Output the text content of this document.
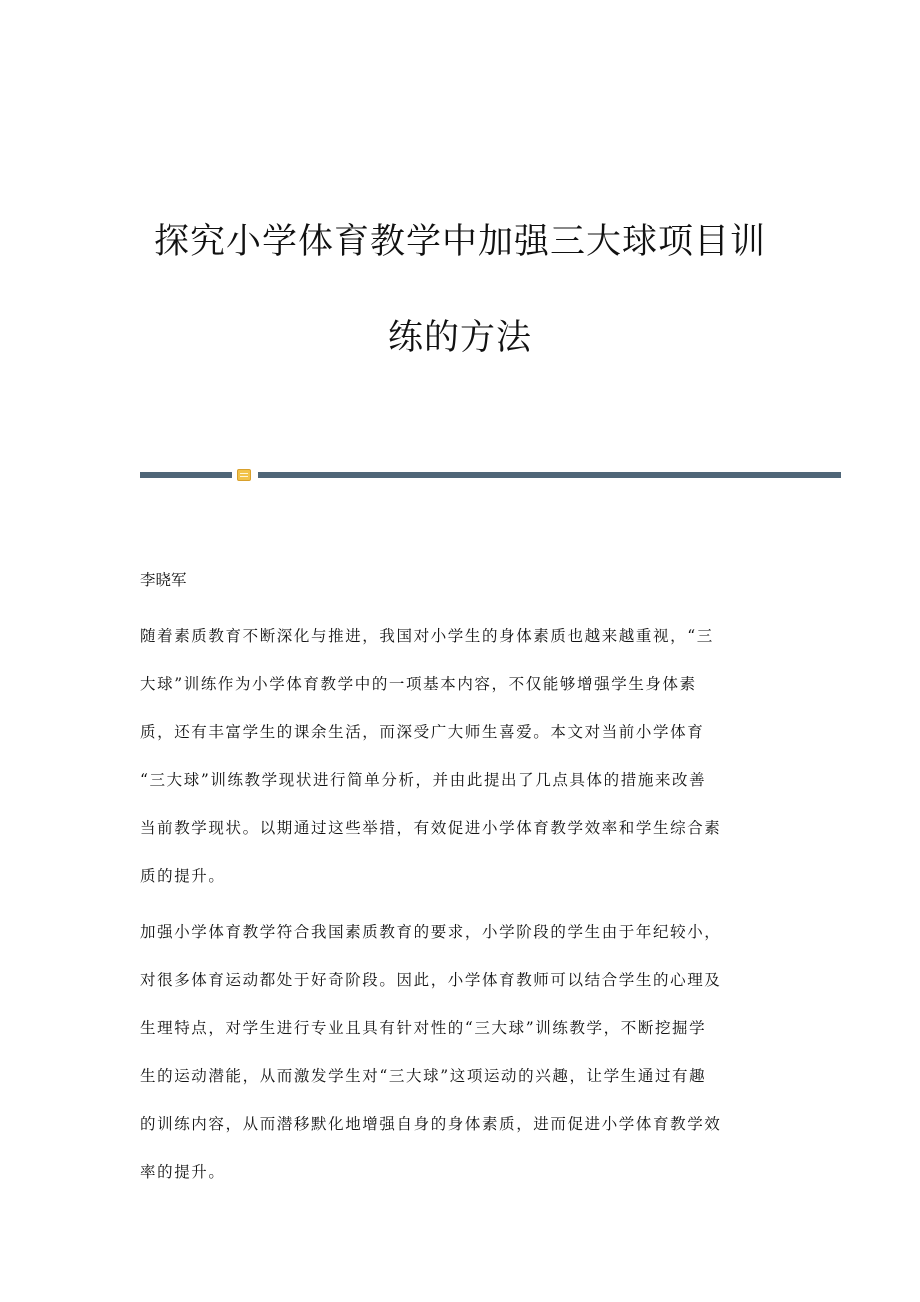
探究小学体育教学中加强三大球项目训
练的方法

李晓军

随着素质教育不断深化与推进，我国对小学生的身体素质也越来越重视，“三
大球”训练作为小学体育教学中的一项基本内容，不仅能够增强学生身体素
质，还有丰富学生的课余生活，而深受广大师生喜爱。本文对当前小学体育
“三大球”训练教学现状进行简单分析，并由此提出了几点具体的措施来改善
当前教学现状。以期通过这些举措，有效促进小学体育教学效率和学生综合素
质的提升。
加强小学体育教学符合我国素质教育的要求，小学阶段的学生由于年纪较小，
对很多体育运动都处于好奇阶段。因此，小学体育教师可以结合学生的心理及
生理特点，对学生进行专业且具有针对性的“三大球”训练教学，不断挖掘学
生的运动潜能，从而激发学生对“三大球”这项运动的兴趣，让学生通过有趣
的训练内容，从而潜移默化地增强自身的身体素质，进而促进小学体育教学效
率的提升。
